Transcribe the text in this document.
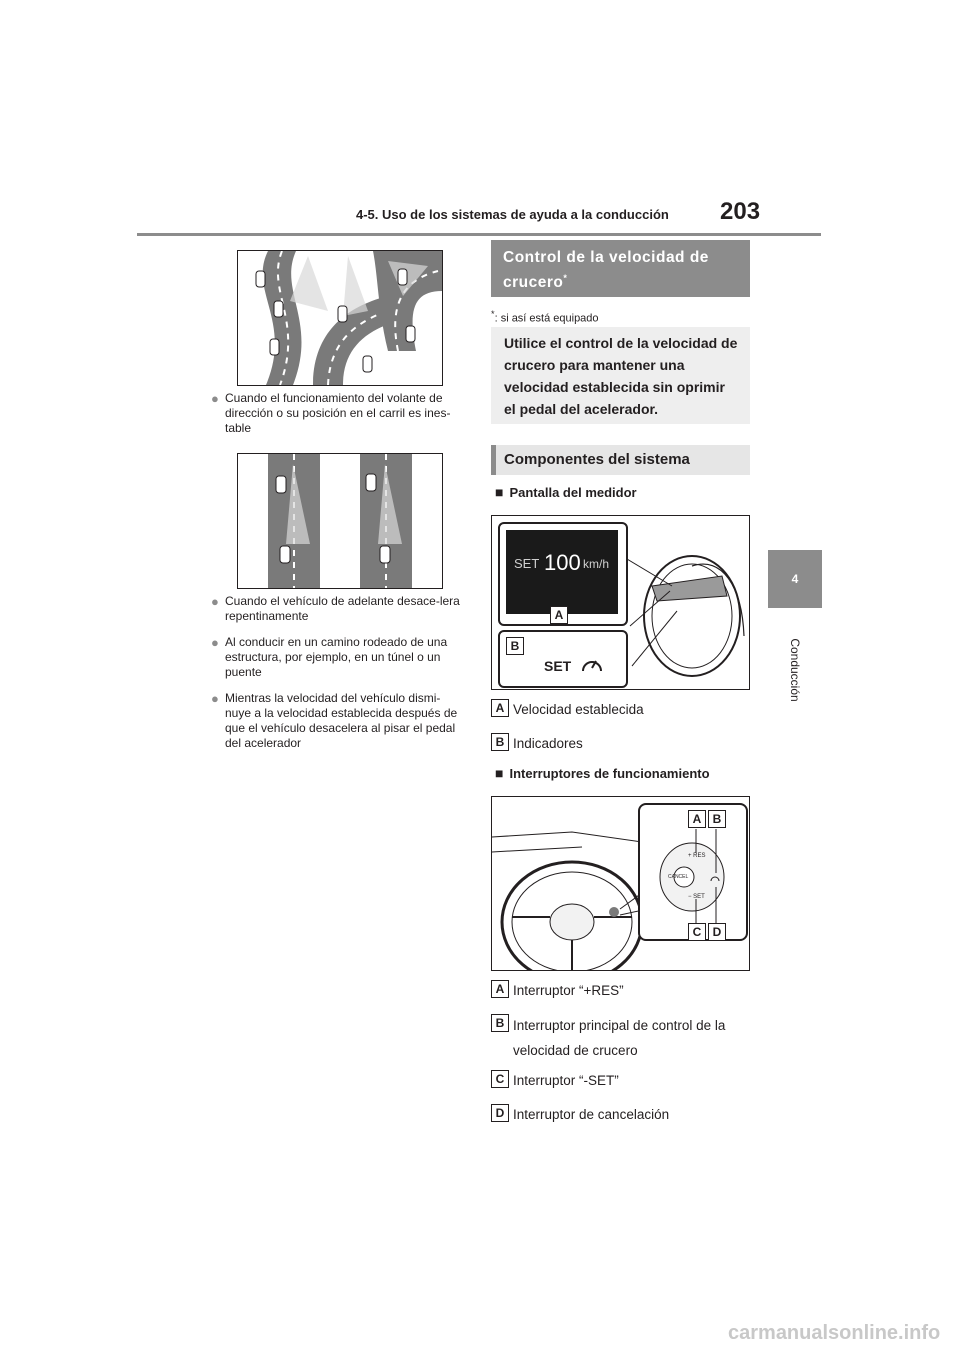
4-5. Uso de los sistemas de ayuda a la conducción 203
4
Conducción
● Cuando el funcionamiento del volante de dirección o su posición en el carril es ines-table
● Cuando el vehículo de adelante desace-lera repentinamente
● Al conducir en un camino rodeado de una estructura, por ejemplo, en un túnel o un puente
● Mientras la velocidad del vehículo dismi-nuye a la velocidad establecida después de que el vehículo desacelera al pisar el pedal del acelerador
Control de la velocidad de crucero*
*: si así está equipado
Utilice el control de la velocidad de crucero para mantener una velocidad establecida sin oprimir el pedal del acelerador.
Componentes del sistema
■ Pantalla del medidor
SET 100 km/h
A
B
SET
A Velocidad establecida
B Indicadores
■ Interruptores de funcionamiento
A B
C D
+ RES
CANCEL
− SET
A Interruptor “+RES”
B Interruptor principal de control de la velocidad de crucero
C Interruptor “-SET”
D Interruptor de cancelación
carmanualsonline.info
